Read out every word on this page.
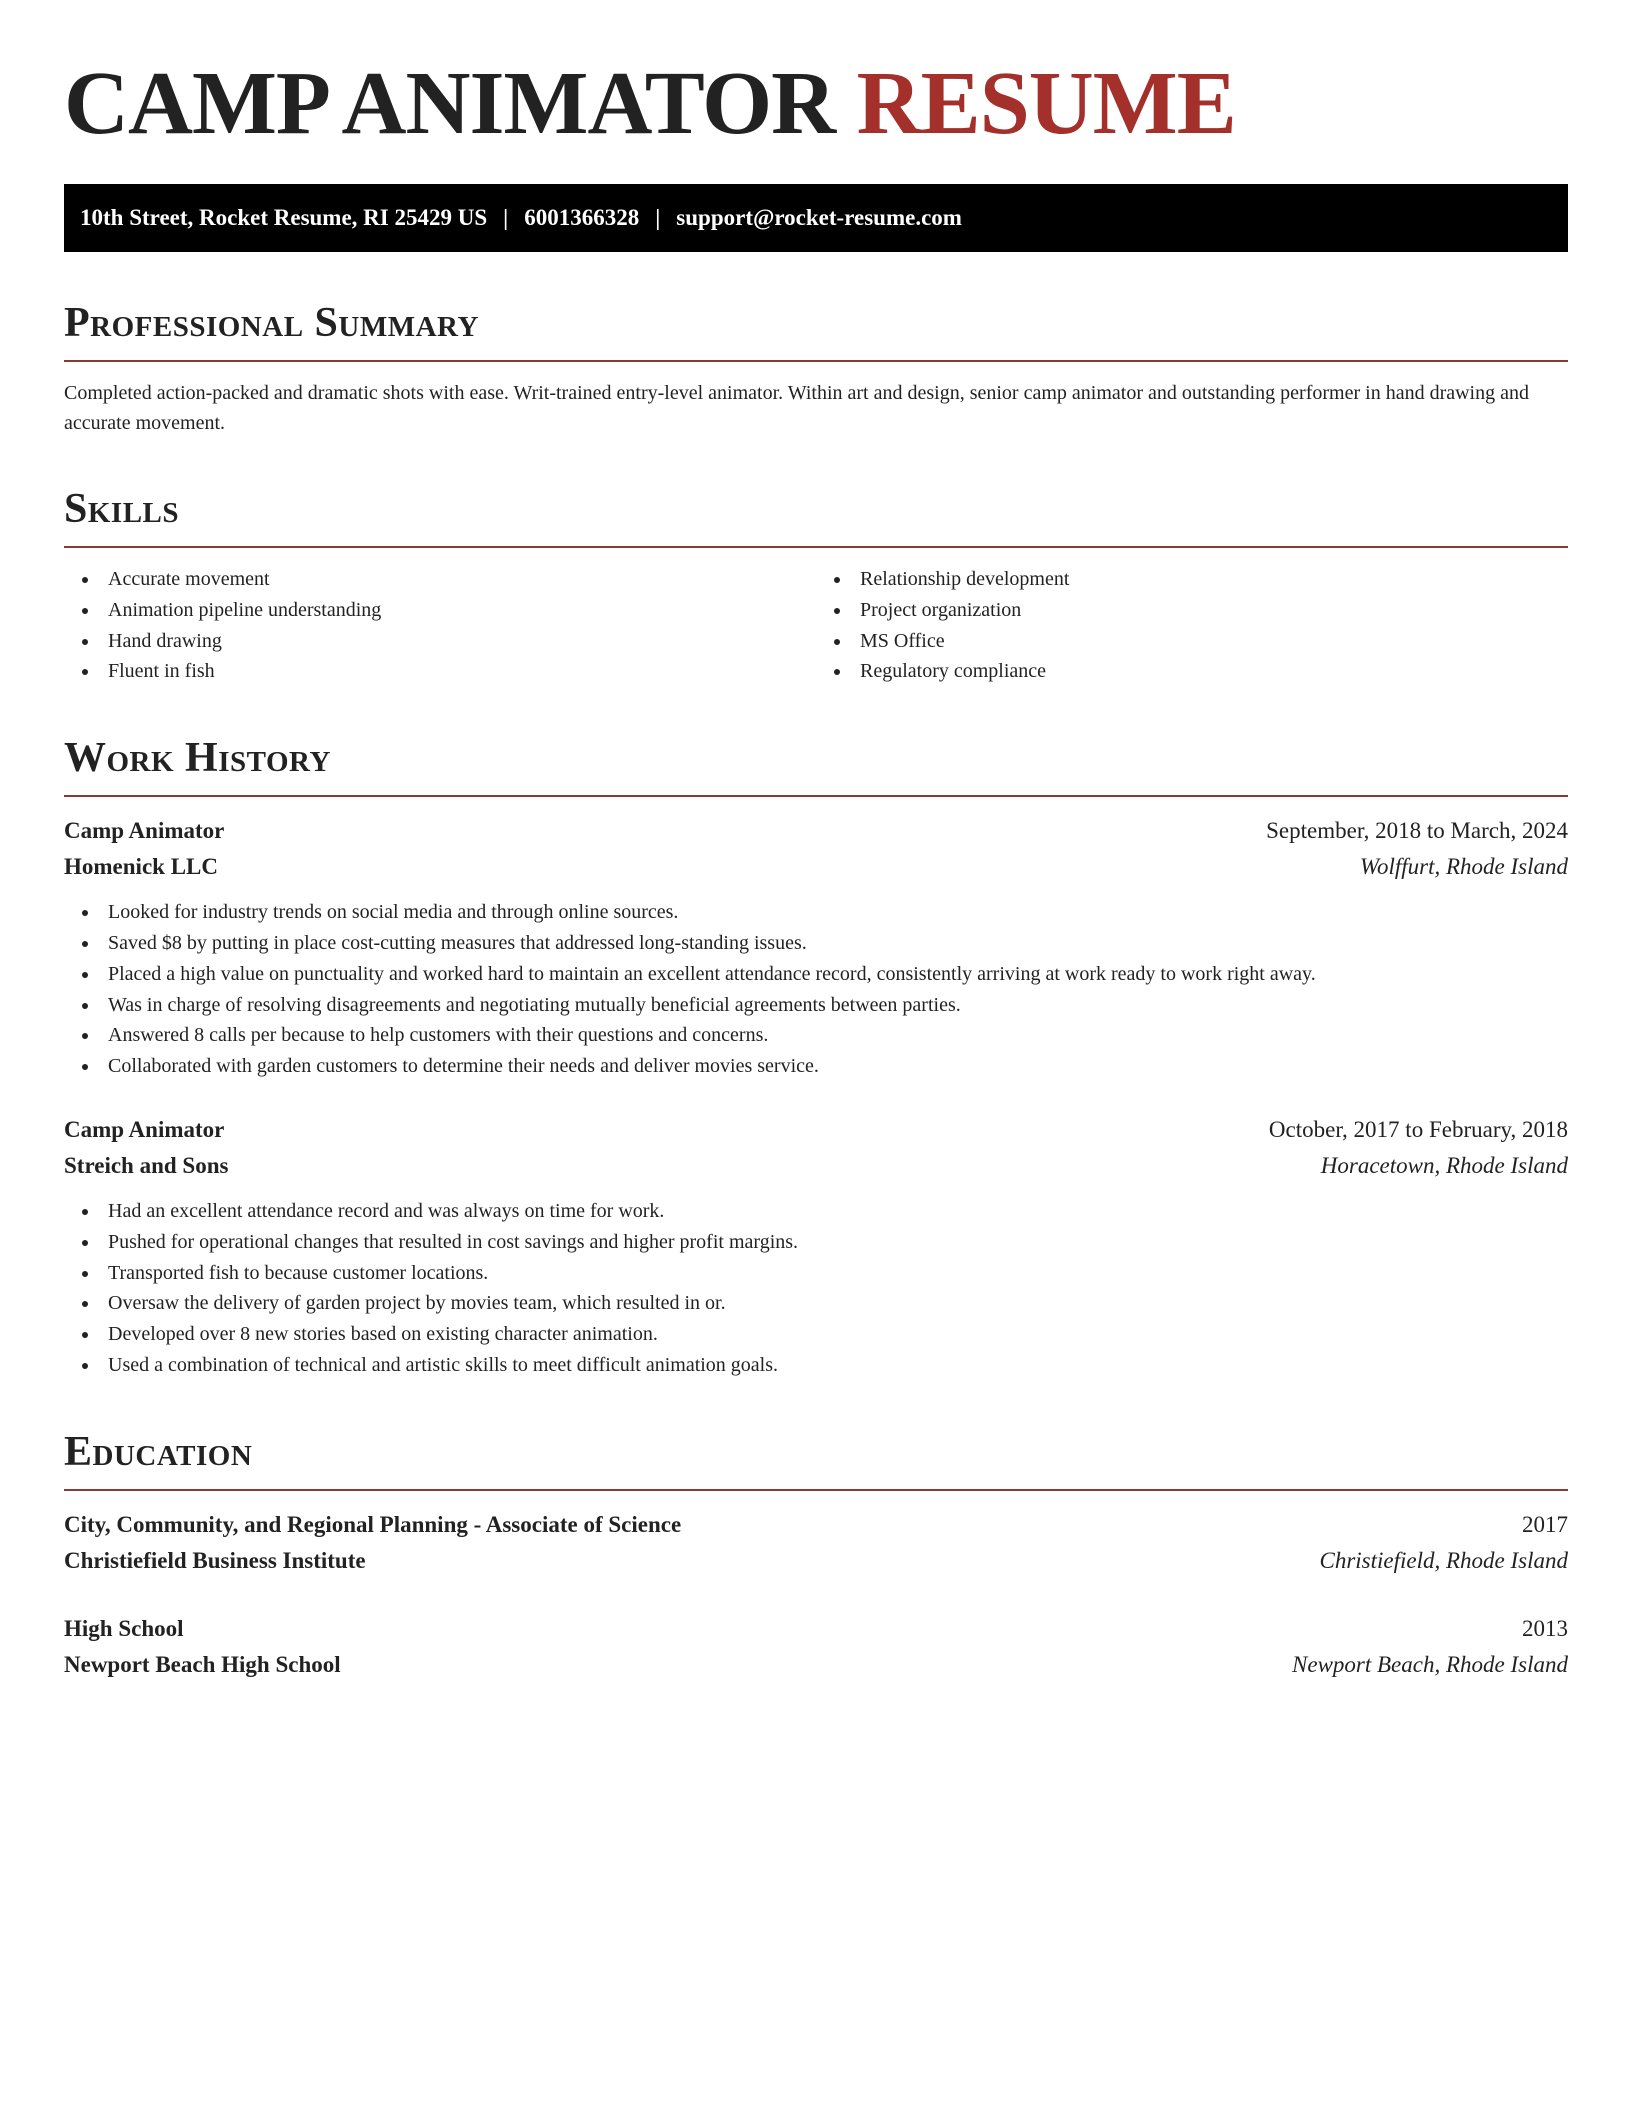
CAMP ANIMATOR RESUME
10th Street, Rocket Resume, RI 25429 US | 6001366328 | support@rocket-resume.com
Professional Summary

Completed action-packed and dramatic shots with ease. Writ-trained entry-level animator. Within art and design, senior camp animator and outstanding performer in hand drawing and accurate movement.

Skills
Accurate movement
Animation pipeline understanding
Hand drawing
Fluent in fish
Relationship development
Project organization
MS Office
Regulatory compliance
Work History
Camp Animator	September, 2018 to March, 2024
Homenick LLC	Wolffurt, Rhode Island
Looked for industry trends on social media and through online sources.
Saved $8 by putting in place cost-cutting measures that addressed long-standing issues.
Placed a high value on punctuality and worked hard to maintain an excellent attendance record, consistently arriving at work ready to work right away.
Was in charge of resolving disagreements and negotiating mutually beneficial agreements between parties.
Answered 8 calls per because to help customers with their questions and concerns.
Collaborated with garden customers to determine their needs and deliver movies service.
Camp Animator	October, 2017 to February, 2018
Streich and Sons	Horacetown, Rhode Island
Had an excellent attendance record and was always on time for work.
Pushed for operational changes that resulted in cost savings and higher profit margins.
Transported fish to because customer locations.
Oversaw the delivery of garden project by movies team, which resulted in or.
Developed over 8 new stories based on existing character animation.
Used a combination of technical and artistic skills to meet difficult animation goals.
Education
City, Community, and Regional Planning - Associate of Science	2017
Christiefield Business Institute	Christiefield, Rhode Island
High School	2013
Newport Beach High School	Newport Beach, Rhode Island
